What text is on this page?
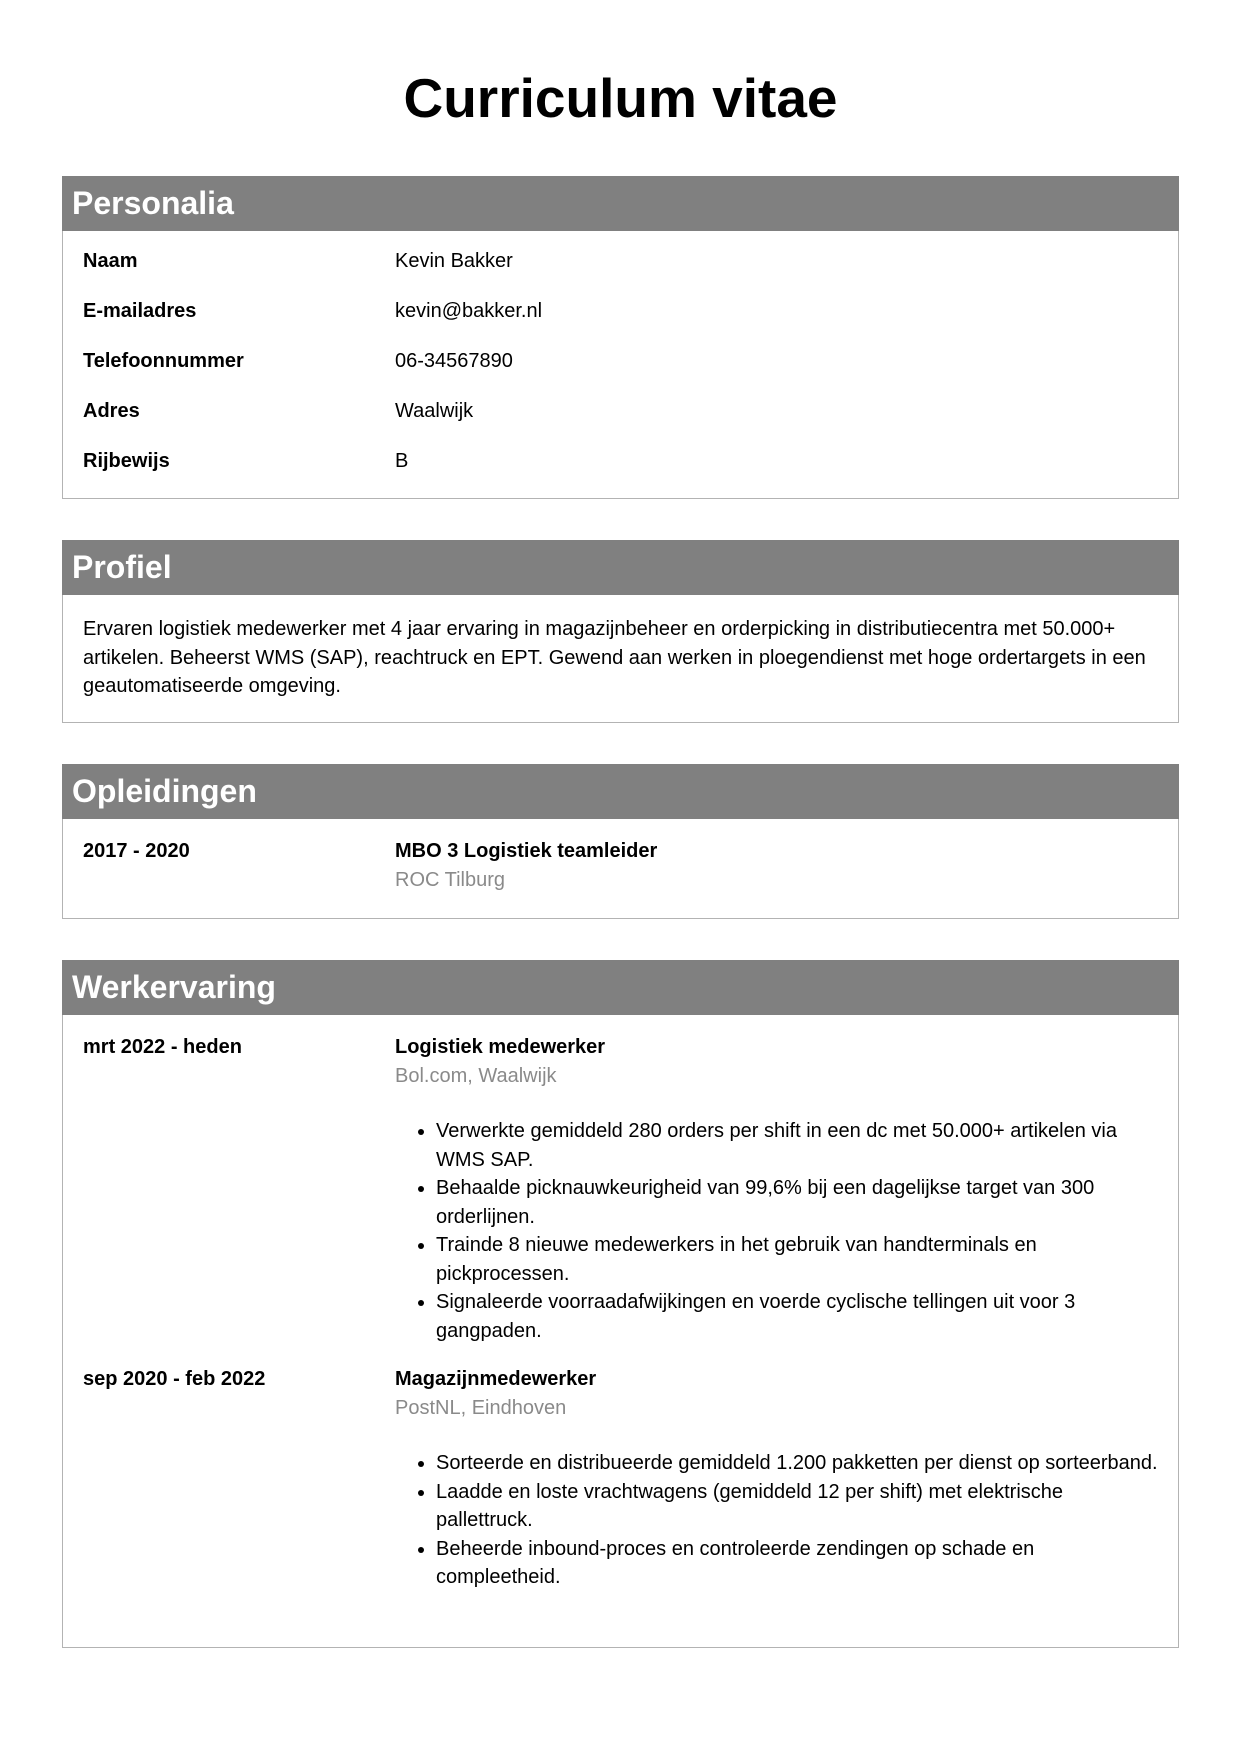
Curriculum vitae
Personalia
Naam	Kevin Bakker
E-mailadres	kevin@bakker.nl
Telefoonnummer	06-34567890
Adres	Waalwijk
Rijbewijs	B
Profiel
Ervaren logistiek medewerker met 4 jaar ervaring in magazijnbeheer en orderpicking in distributiecentra met 50.000+ artikelen. Beheerst WMS (SAP), reachtruck en EPT. Gewend aan werken in ploegendienst met hoge ordertargets in een geautomatiseerde omgeving.
Opleidingen
2017 - 2020	MBO 3 Logistiek teamleider
ROC Tilburg
Werkervaring
mrt 2022 - heden	Logistiek medewerker
Bol.com, Waalwijk
• Verwerkte gemiddeld 280 orders per shift in een dc met 50.000+ artikelen via WMS SAP.
• Behaalde picknauwkeurigheid van 99,6% bij een dagelijkse target van 300 orderlijnen.
• Trainde 8 nieuwe medewerkers in het gebruik van handterminals en pickprocessen.
• Signaleerde voorraadafwijkingen en voerde cyclische tellingen uit voor 3 gangpaden.
sep 2020 - feb 2022	Magazijnmedewerker
PostNL, Eindhoven
• Sorteerde en distribueerde gemiddeld 1.200 pakketten per dienst op sorteerband.
• Laadde en loste vrachtwagens (gemiddeld 12 per shift) met elektrische pallettruck.
• Beheerde inbound-proces en controleerde zendingen op schade en compleetheid.
